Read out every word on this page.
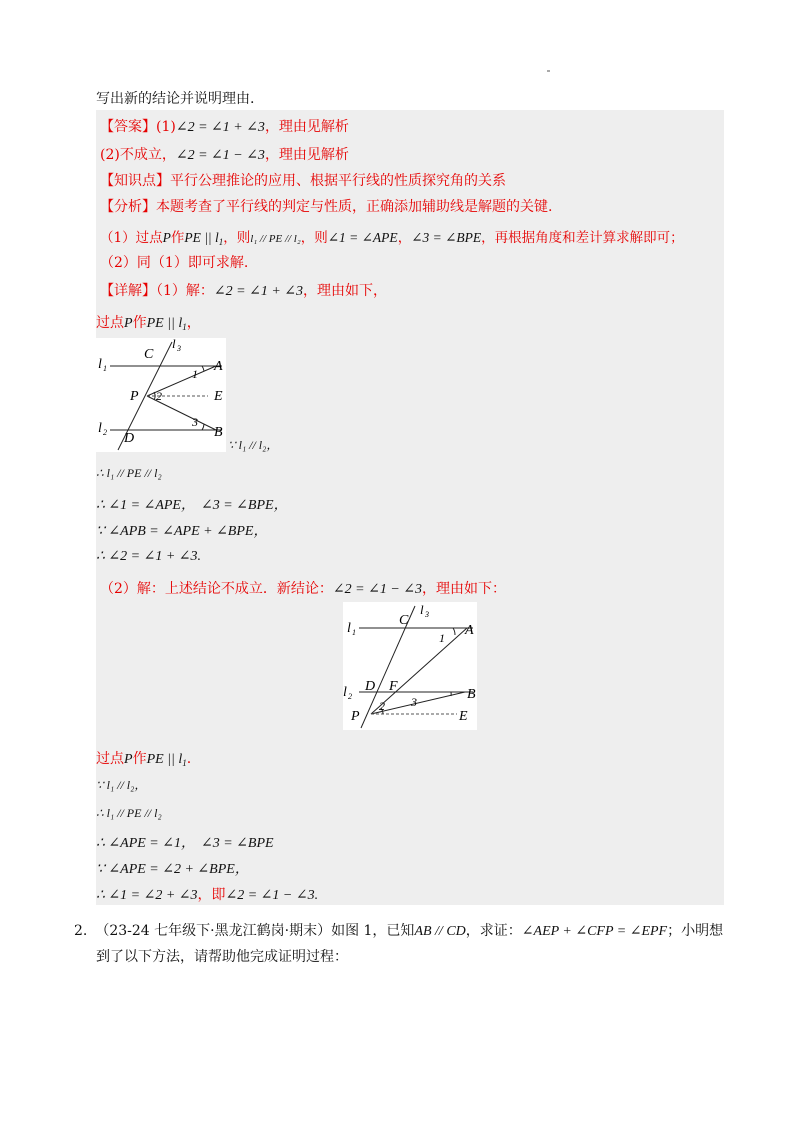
写出新的结论并说明理由.
【答案】(1)∠2 = ∠1 + ∠3，理由见解析
(2)不成立，∠2 = ∠1 − ∠3，理由见解析
【知识点】平行公理推论的应用、根据平行线的性质探究角的关系
【分析】本题考查了平行线的判定与性质，正确添加辅助线是解题的关键.
（1）过点P作PE || $l_1$，则l₁ // PE // l₂，则∠1 = ∠APE，∠3 = ∠BPE，再根据角度和差计算求解即可；
（2）同（1）即可求解.
【详解】（1）解：∠2 = ∠1 + ∠3，理由如下，
过点P作PE || $l_1$，
l 1
l 2
l 3
C
A
P	E
D	B
1
2
3
∵ l₁ // l₂，
∴ l₁ // PE // l₂
∴ ∠1 = ∠APE， ∠3 = ∠BPE，
∵ ∠APB = ∠APE + ∠BPE，
∴ ∠2 = ∠1 + ∠3.
（2）解：上述结论不成立．新结论：∠2 = ∠1 − ∠3，理由如下：
l 1
l 2
l 3
C
A
D F
B
P	E
1
2 3
过点P作PE || $l_1$.
∵ l₁ // l₂，
∴ l₁ // PE // l₂
∴ ∠APE = ∠1， ∠3 = ∠BPE
∵ ∠APE = ∠2 + ∠BPE，
∴ ∠1 = ∠2 + ∠3，即∠2 = ∠1 − ∠3.
2. （23-24 七年级下·黑龙江鹤岗·期末）如图 1，已知AB // CD，求证：∠AEP + ∠CFP = ∠EPF；小明想
到了以下方法，请帮助他完成证明过程：
